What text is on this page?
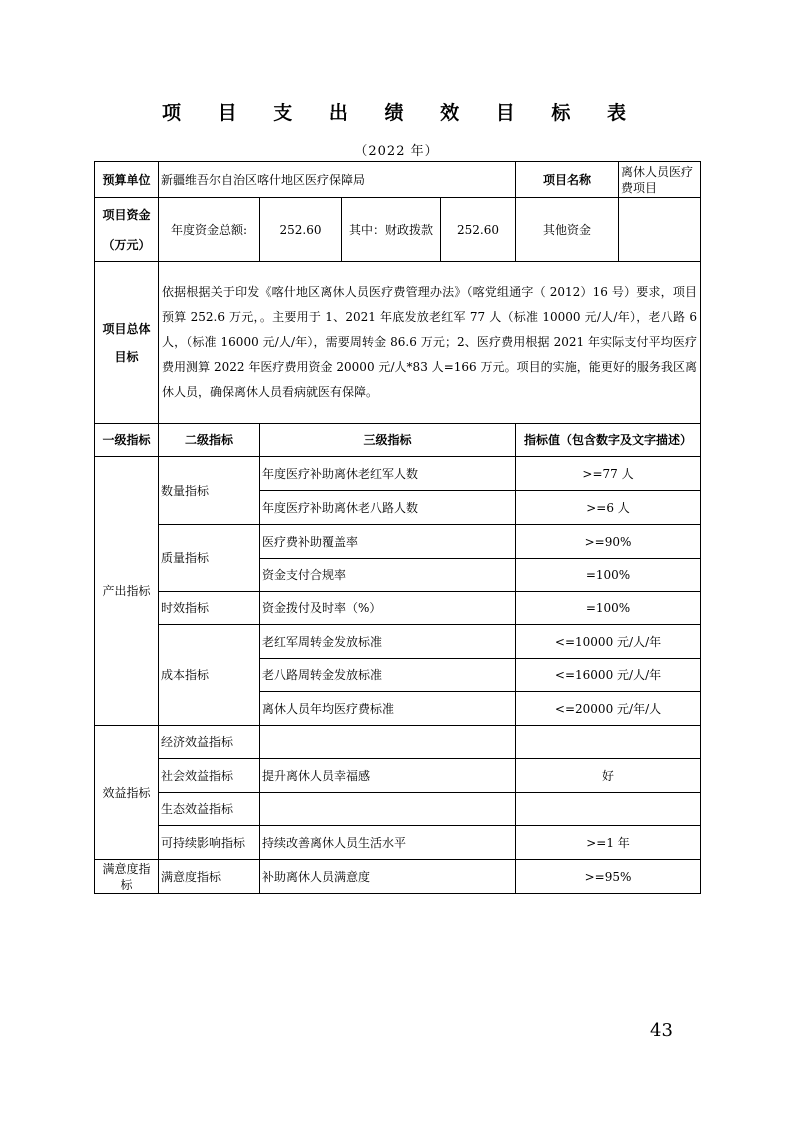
项 目 支 出 绩 效 目 标 表
（2022 年）
预算单位	新疆维吾尔自治区喀什地区医疗保障局				项目名称	离休人员医疗费项目

项目资金
（万元）	年度资金总额:	252.60	其中：财政拨款	252.60	其他资金	
项目总体目标	依据根据关于印发《喀什地区离休人员医疗费管理办法》（喀党组通字（ 2012）16 号）要求，项目预算 252.6 万元，。主要用于 1、2021 年底发放老红军 77 人（标准 10000 元/人/年），老八路 6 人，（标准 16000 元/人/年），需要周转金 86.6 万元；2、医疗费用根据 2021 年实际支付平均医疗费用测算 2022 年医疗费用资金 20000 元/人*83 人=166 万元。项目的实施，能更好的服务我区离休人员，确保离休人员看病就医有保障。					
一级指标	二级指标	三级指标			指标值（包含数字及文字描述）	
产出指标	数量指标	年度医疗补助离休老红军人数			>=77 人	
		年度医疗补助离休老八路人数			>=6 人	
	质量指标	医疗费补助覆盖率			>=90%	
		资金支付合规率			=100%	
	时效指标	资金拨付及时率（%）			=100%	
	成本指标	老红军周转金发放标准			<=10000 元/人/年	
		老八路周转金发放标准			<=16000 元/人/年	
		离休人员年均医疗费标准			<=20000 元/年/人	
效益指标	经济效益指标					
	社会效益指标	提升离休人员幸福感			好	
	生态效益指标					
	可持续影响指标	持续改善离休人员生活水平			>=1 年	
满意度指标	满意度指标	补助离休人员满意度			>=95%	
43
